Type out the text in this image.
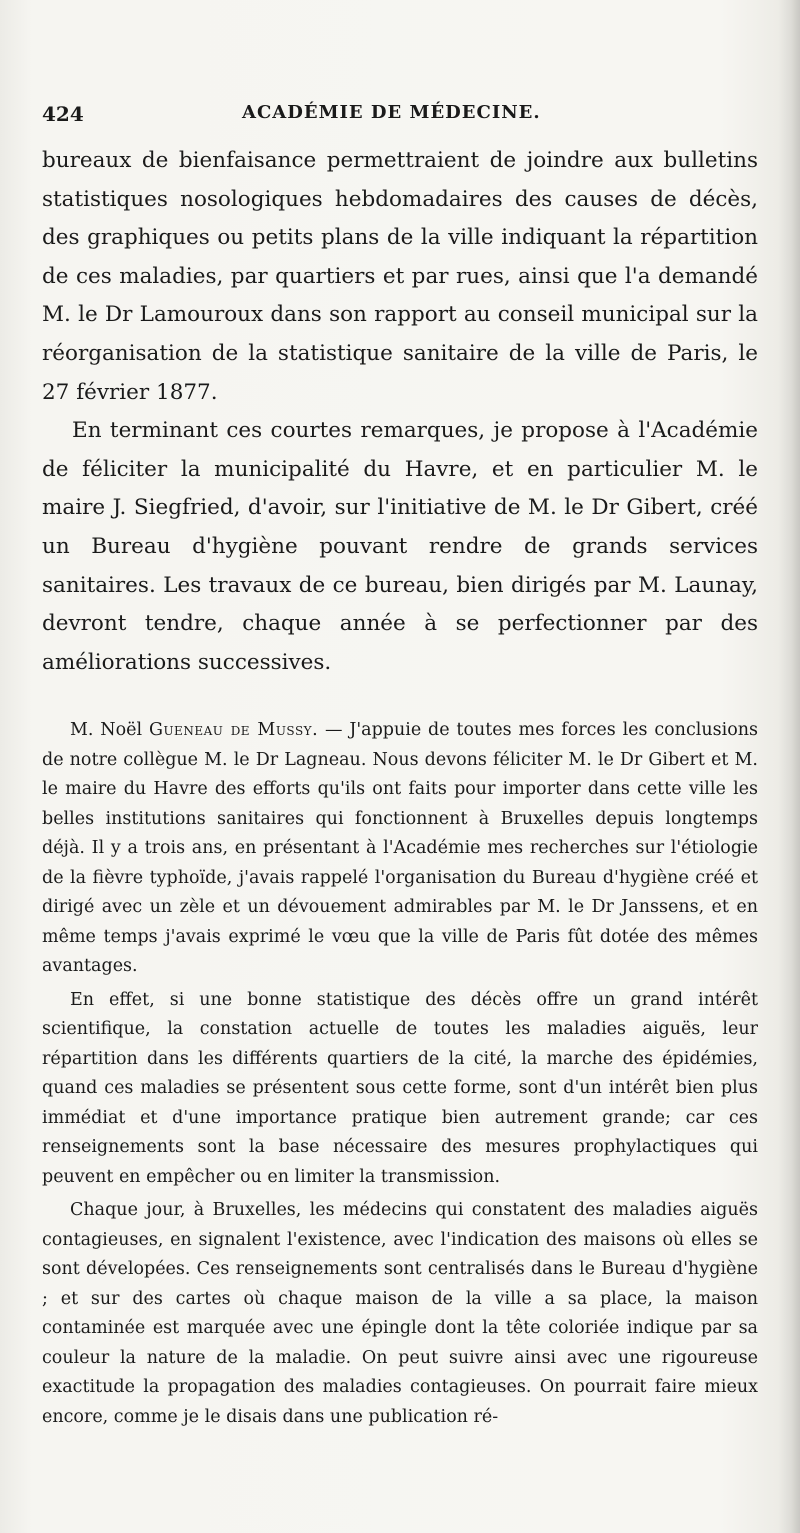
424	ACADÉMIE DE MÉDECINE.

bureaux de bienfaisance permettraient de joindre aux bulletins statistiques nosologiques hebdomadaires des causes de décès, des graphiques ou petits plans de la ville indiquant la répartition de ces maladies, par quartiers et par rues, ainsi que l'a demandé M. le Dr Lamouroux dans son rapport au conseil municipal sur la réorganisation de la statistique sanitaire de la ville de Paris, le 27 février 1877.

En terminant ces courtes remarques, je propose à l'Académie de féliciter la municipalité du Havre, et en particulier M. le maire J. Siegfried, d'avoir, sur l'initiative de M. le Dr Gibert, créé un Bureau d'hygiène pouvant rendre de grands services sanitaires. Les travaux de ce bureau, bien dirigés par M. Launay, devront tendre, chaque année à se perfectionner par des améliorations successives.

M. Noël Gueneau de Mussy. — J'appuie de toutes mes forces les conclusions de notre collègue M. le Dr Lagneau. Nous devons féliciter M. le Dr Gibert et M. le maire du Havre des efforts qu'ils ont faits pour importer dans cette ville les belles institutions sanitaires qui fonctionnent à Bruxelles depuis longtemps déjà. Il y a trois ans, en présentant à l'Académie mes recherches sur l'étiologie de la fièvre typhoïde, j'avais rappelé l'organisation du Bureau d'hygiène créé et dirigé avec un zèle et un dévouement admirables par M. le Dr Janssens, et en même temps j'avais exprimé le vœu que la ville de Paris fût dotée des mêmes avantages.

En effet, si une bonne statistique des décès offre un grand intérêt scientifique, la constation actuelle de toutes les maladies aiguës, leur répartition dans les différents quartiers de la cité, la marche des épidémies, quand ces maladies se présentent sous cette forme, sont d'un intérêt bien plus immédiat et d'une importance pratique bien autrement grande; car ces renseignements sont la base nécessaire des mesures prophylactiques qui peuvent en empêcher ou en limiter la transmission.

Chaque jour, à Bruxelles, les médecins qui constatent des maladies aiguës contagieuses, en signalent l'existence, avec l'indication des maisons où elles se sont dévelopées. Ces renseignements sont centralisés dans le Bureau d'hygiène ; et sur des cartes où chaque maison de la ville a sa place, la maison contaminée est marquée avec une épingle dont la tête coloriée indique par sa couleur la nature de la maladie. On peut suivre ainsi avec une rigoureuse exactitude la propagation des maladies contagieuses. On pourrait faire mieux encore, comme je le disais dans une publication ré-
